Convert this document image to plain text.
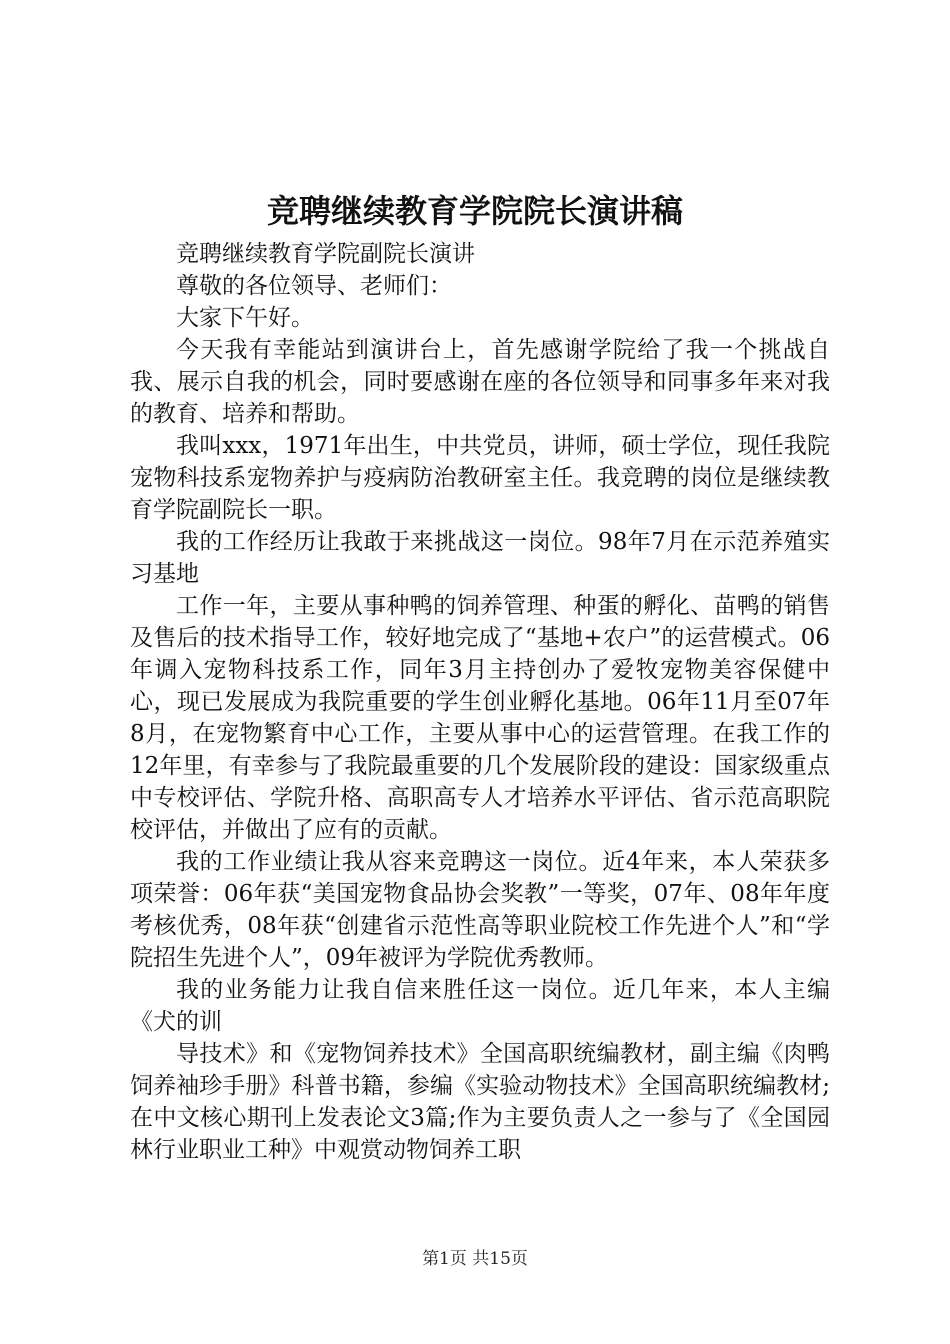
竞聘继续教育学院院长演讲稿

竞聘继续教育学院副院长演讲

尊敬的各位领导、老师们：

大家下午好。

今天我有幸能站到演讲台上，首先感谢学院给了我一个挑战自我、展示自我的机会，同时要感谢在座的各位领导和同事多年来对我的教育、培养和帮助。

我叫xxx，1971年出生，中共党员，讲师，硕士学位，现任我院宠物科技系宠物养护与疫病防治教研室主任。我竞聘的岗位是继续教育学院副院长一职。

我的工作经历让我敢于来挑战这一岗位。98年7月在示范养殖实习基地

工作一年，主要从事种鸭的饲养管理、种蛋的孵化、苗鸭的销售及售后的技术指导工作，较好地完成了“基地+农户”的运营模式。06年调入宠物科技系工作，同年3月主持创办了爱牧宠物美容保健中心，现已发展成为我院重要的学生创业孵化基地。06年11月至07年8月，在宠物繁育中心工作，主要从事中心的运营管理。在我工作的12年里，有幸参与了我院最重要的几个发展阶段的建设：国家级重点中专校评估、学院升格、高职高专人才培养水平评估、省示范高职院校评估，并做出了应有的贡献。

我的工作业绩让我从容来竞聘这一岗位。近4年来，本人荣获多项荣誉：06年获“美国宠物食品协会奖教”一等奖，07年、08年年度考核优秀，08年获“创建省示范性高等职业院校工作先进个人”和“学院招生先进个人”，09年被评为学院优秀教师。

我的业务能力让我自信来胜任这一岗位。近几年来，本人主编《犬的训

导技术》和《宠物饲养技术》全国高职统编教材，副主编《肉鸭饲养袖珍手册》科普书籍，参编《实验动物技术》全国高职统编教材;在中文核心期刊上发表论文3篇;作为主要负责人之一参与了《全国园林行业职业工种》中观赏动物饲养工职

第1页 共15页
